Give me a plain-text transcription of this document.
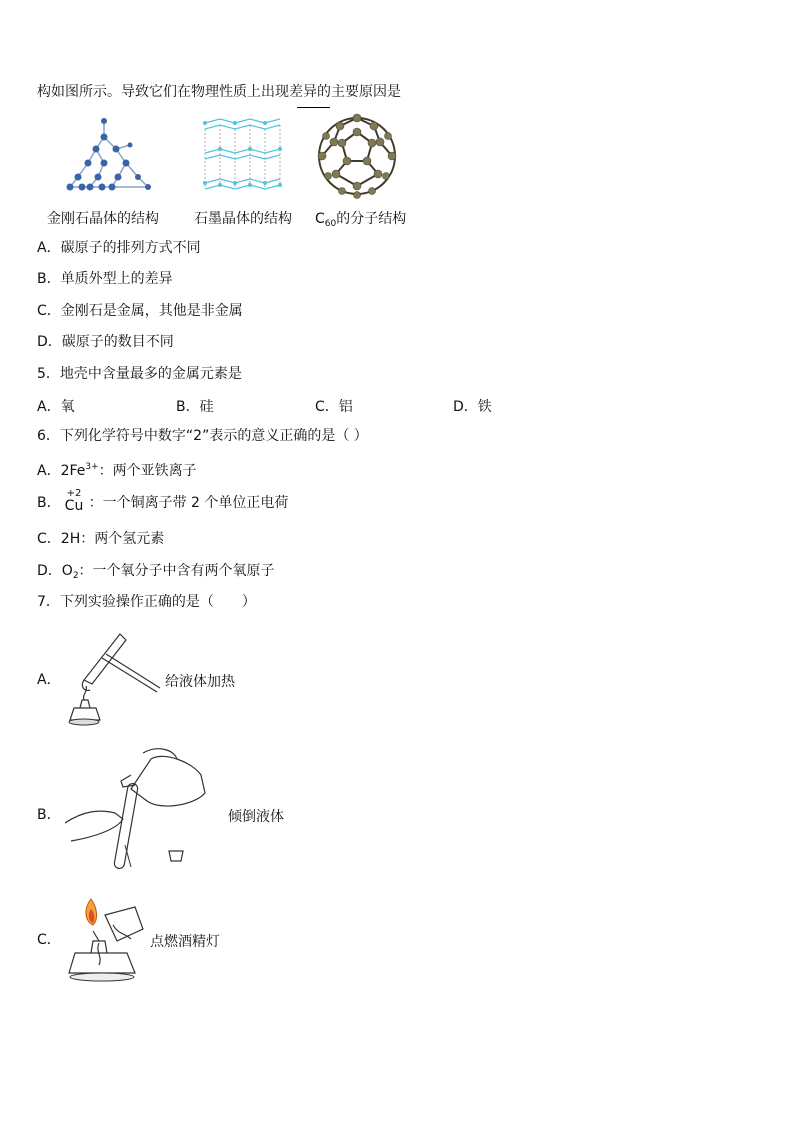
构如图所示。导致它们在物理性质上出现差异的主要原因是
金刚石晶体的结构	石墨晶体的结构 $C_{60}$的分子结构
A．碳原子的排列方式不同
B．单质外型上的差异
C．金刚石是金属，其他是非金属
D．碳原子的数目不同
5．地壳中含量最多的金属元素是
A．氧	B．硅	C．铝	D．铁
6．下列化学符号中数字“2”表示的意义正确的是（ ）
A．$2Fe^{3+}$：两个亚铁离子
B． ：一个铜离子带 2 个单位正电荷
+2
Cu
C．2H：两个氢元素
D．$O_2$：一个氧分子中含有两个氧原子
7．下列实验操作正确的是（　　）
A．	给液体加热
B．	倾倒液体
C．	点燃酒精灯
